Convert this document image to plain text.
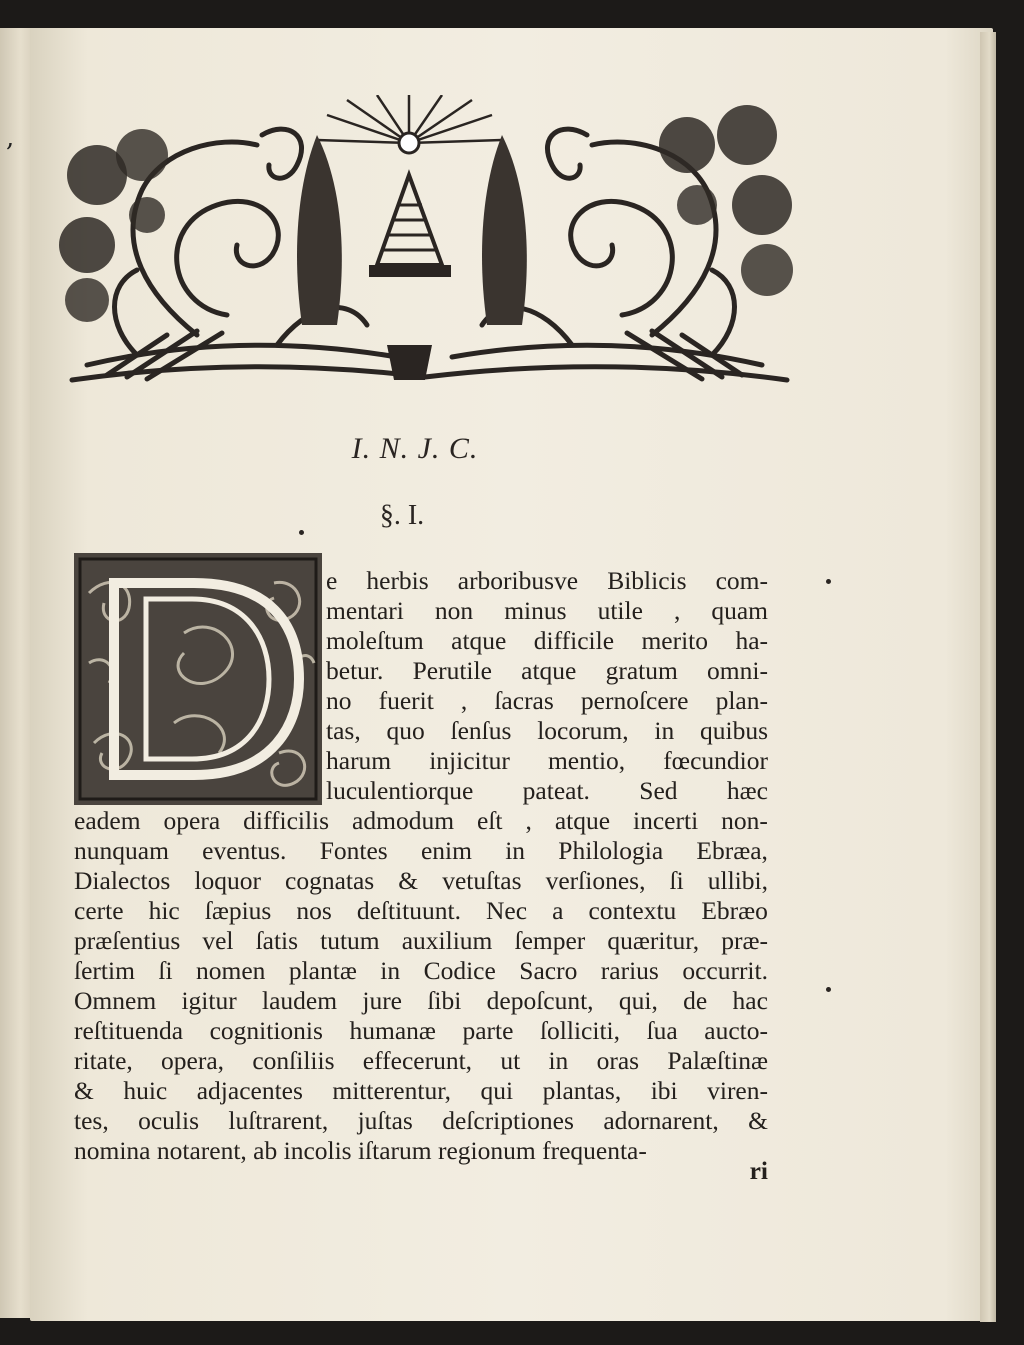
,
I. N. J. C.
§. I.
e herbis arboribusve Biblicis com-
mentari non minus utile , quam
moleſtum atque difficile merito ha-
betur. Perutile atque gratum omni-
no fuerit , ſacras pernoſcere plan-
tas, quo ſenſus locorum, in quibus
harum injicitur mentio, fœcundior
luculentiorque pateat. Sed hæc
eadem opera difficilis admodum eſt , atque incerti non-
nunquam eventus. Fontes enim in Philologia Ebræa,
Dialectos loquor cognatas & vetuſtas verſiones, ſi ullibi,
certe hic ſæpius nos deſtituunt. Nec a contextu Ebræo
præſentius vel ſatis tutum auxilium ſemper quæritur, præ-
ſertim ſi nomen plantæ in Codice Sacro rarius occurrit.
Omnem igitur laudem jure ſibi depoſcunt, qui, de hac
reſtituenda cognitionis humanæ parte ſolliciti, ſua aucto-
ritate, opera, conſiliis effecerunt, ut in oras Palæſtinæ
& huic adjacentes mitterentur, qui plantas, ibi viren-
tes, oculis luſtrarent, juſtas deſcriptiones adornarent, &
nomina notarent, ab incolis iſtarum regionum frequenta-
ri
